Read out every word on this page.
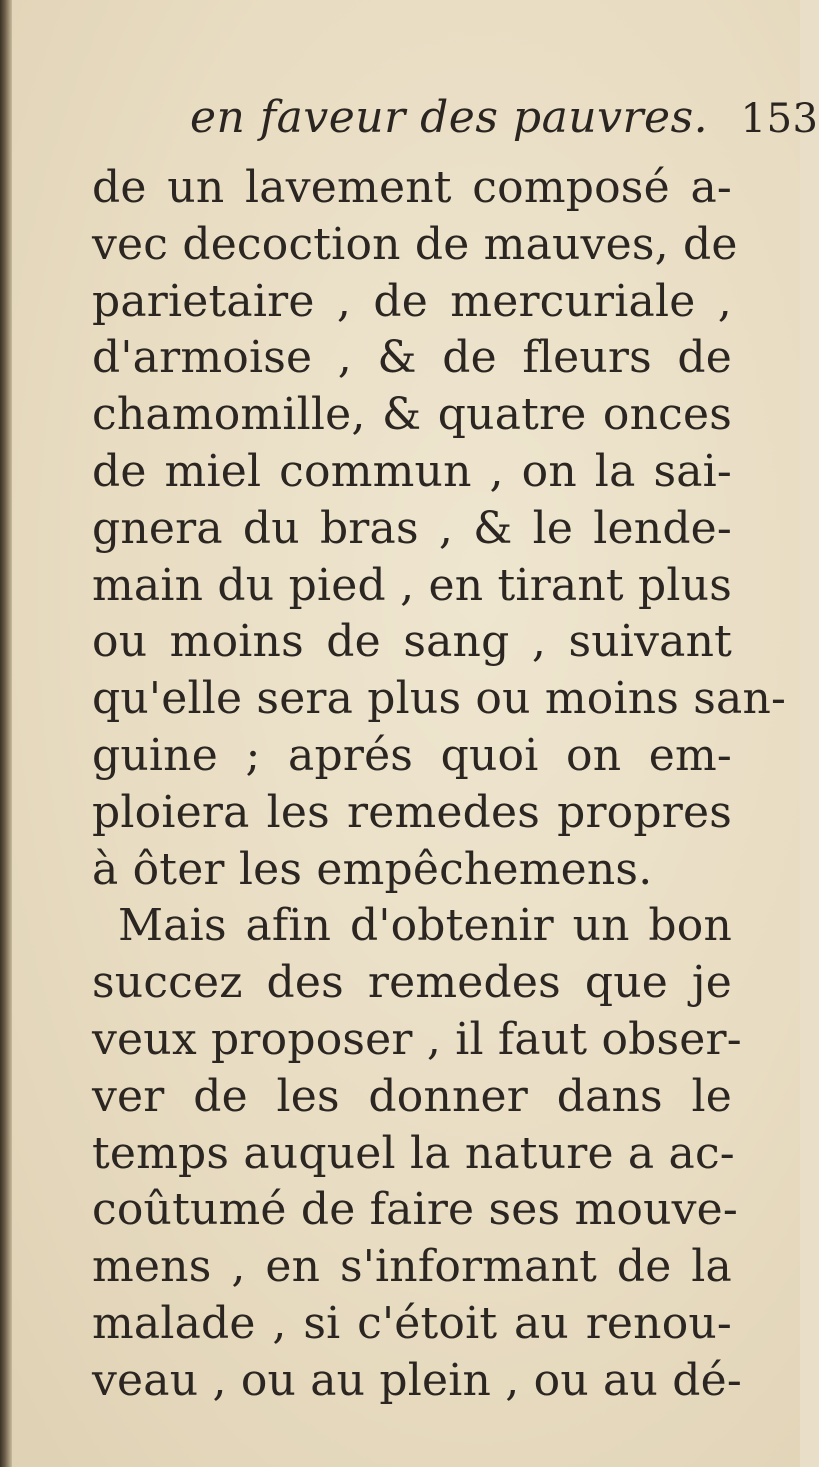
en faveur des pauvres. 153
de un lavement composé a-
vec decoction de mauves, de
parietaire , de mercuriale ,
d'armoise , & de fleurs de
chamomille, & quatre onces
de miel commun , on la sai-
gnera du bras , & le lende-
main du pied , en tirant plus
ou moins de sang , suivant
qu'elle sera plus ou moins san-
guine ; aprés quoi on em-
ploiera les remedes propres
à ôter les empêchemens.
Mais afin d'obtenir un bon
succez des remedes que je
veux proposer , il faut obser-
ver de les donner dans le
temps auquel la nature a ac-
coûtumé de faire ses mouve-
mens , en s'informant de la
malade , si c'étoit au renou-
veau , ou au plein , ou au dé-
